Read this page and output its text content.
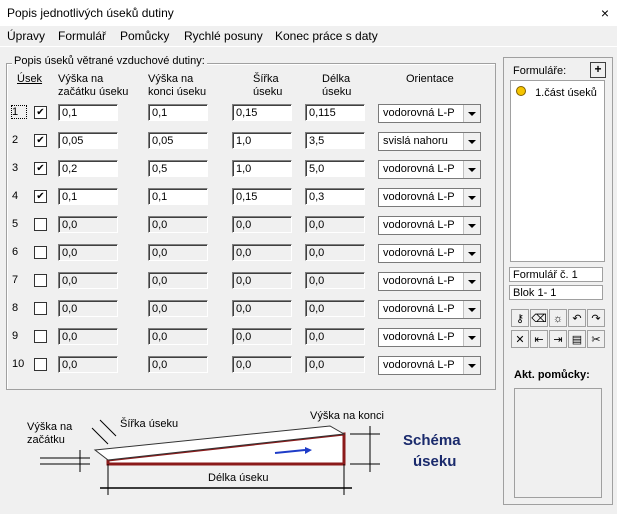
Popis jednotlivých úseků dutiny	×
Úpravy Formulář Pomůcky Rychlé posuny Konec práce s daty
Popis úseků větrané vzduchové dutiny:
Úsek Výška na
začátku úseku
Výška na
konci úseku
Šířka
úseku
Délka
úseku
Orientace
1	✔	0,1	0,1	0,15	0,115	vodorovná L-P
2	✔	0,05	0,05	1,0	3,5	svislá nahoru
3	✔	0,2	0,5	1,0	5,0	vodorovná L-P
4	✔	0,1	0,1	0,15	0,3	vodorovná L-P
5	0,0	0,0	0,0	0,0	vodorovná L-P
6	0,0	0,0	0,0	0,0	vodorovná L-P
7	0,0	0,0	0,0	0,0	vodorovná L-P
8	0,0	0,0	0,0	0,0	vodorovná L-P
9	0,0	0,0	0,0	0,0	vodorovná L-P
10	0,0	0,0	0,0	0,0	vodorovná L-P
Výška na
začátku
Šířka úseku
Výška na konci
Délka úseku
Schéma
úseku
Formuláře:	+
1.část úseků
Formulář č. 1
Blok 1- 1
⚷ ⌫ ☼ ↶ ↷
✕ ⇤ ⇥ ▤ ✂
Akt. pomůcky:
